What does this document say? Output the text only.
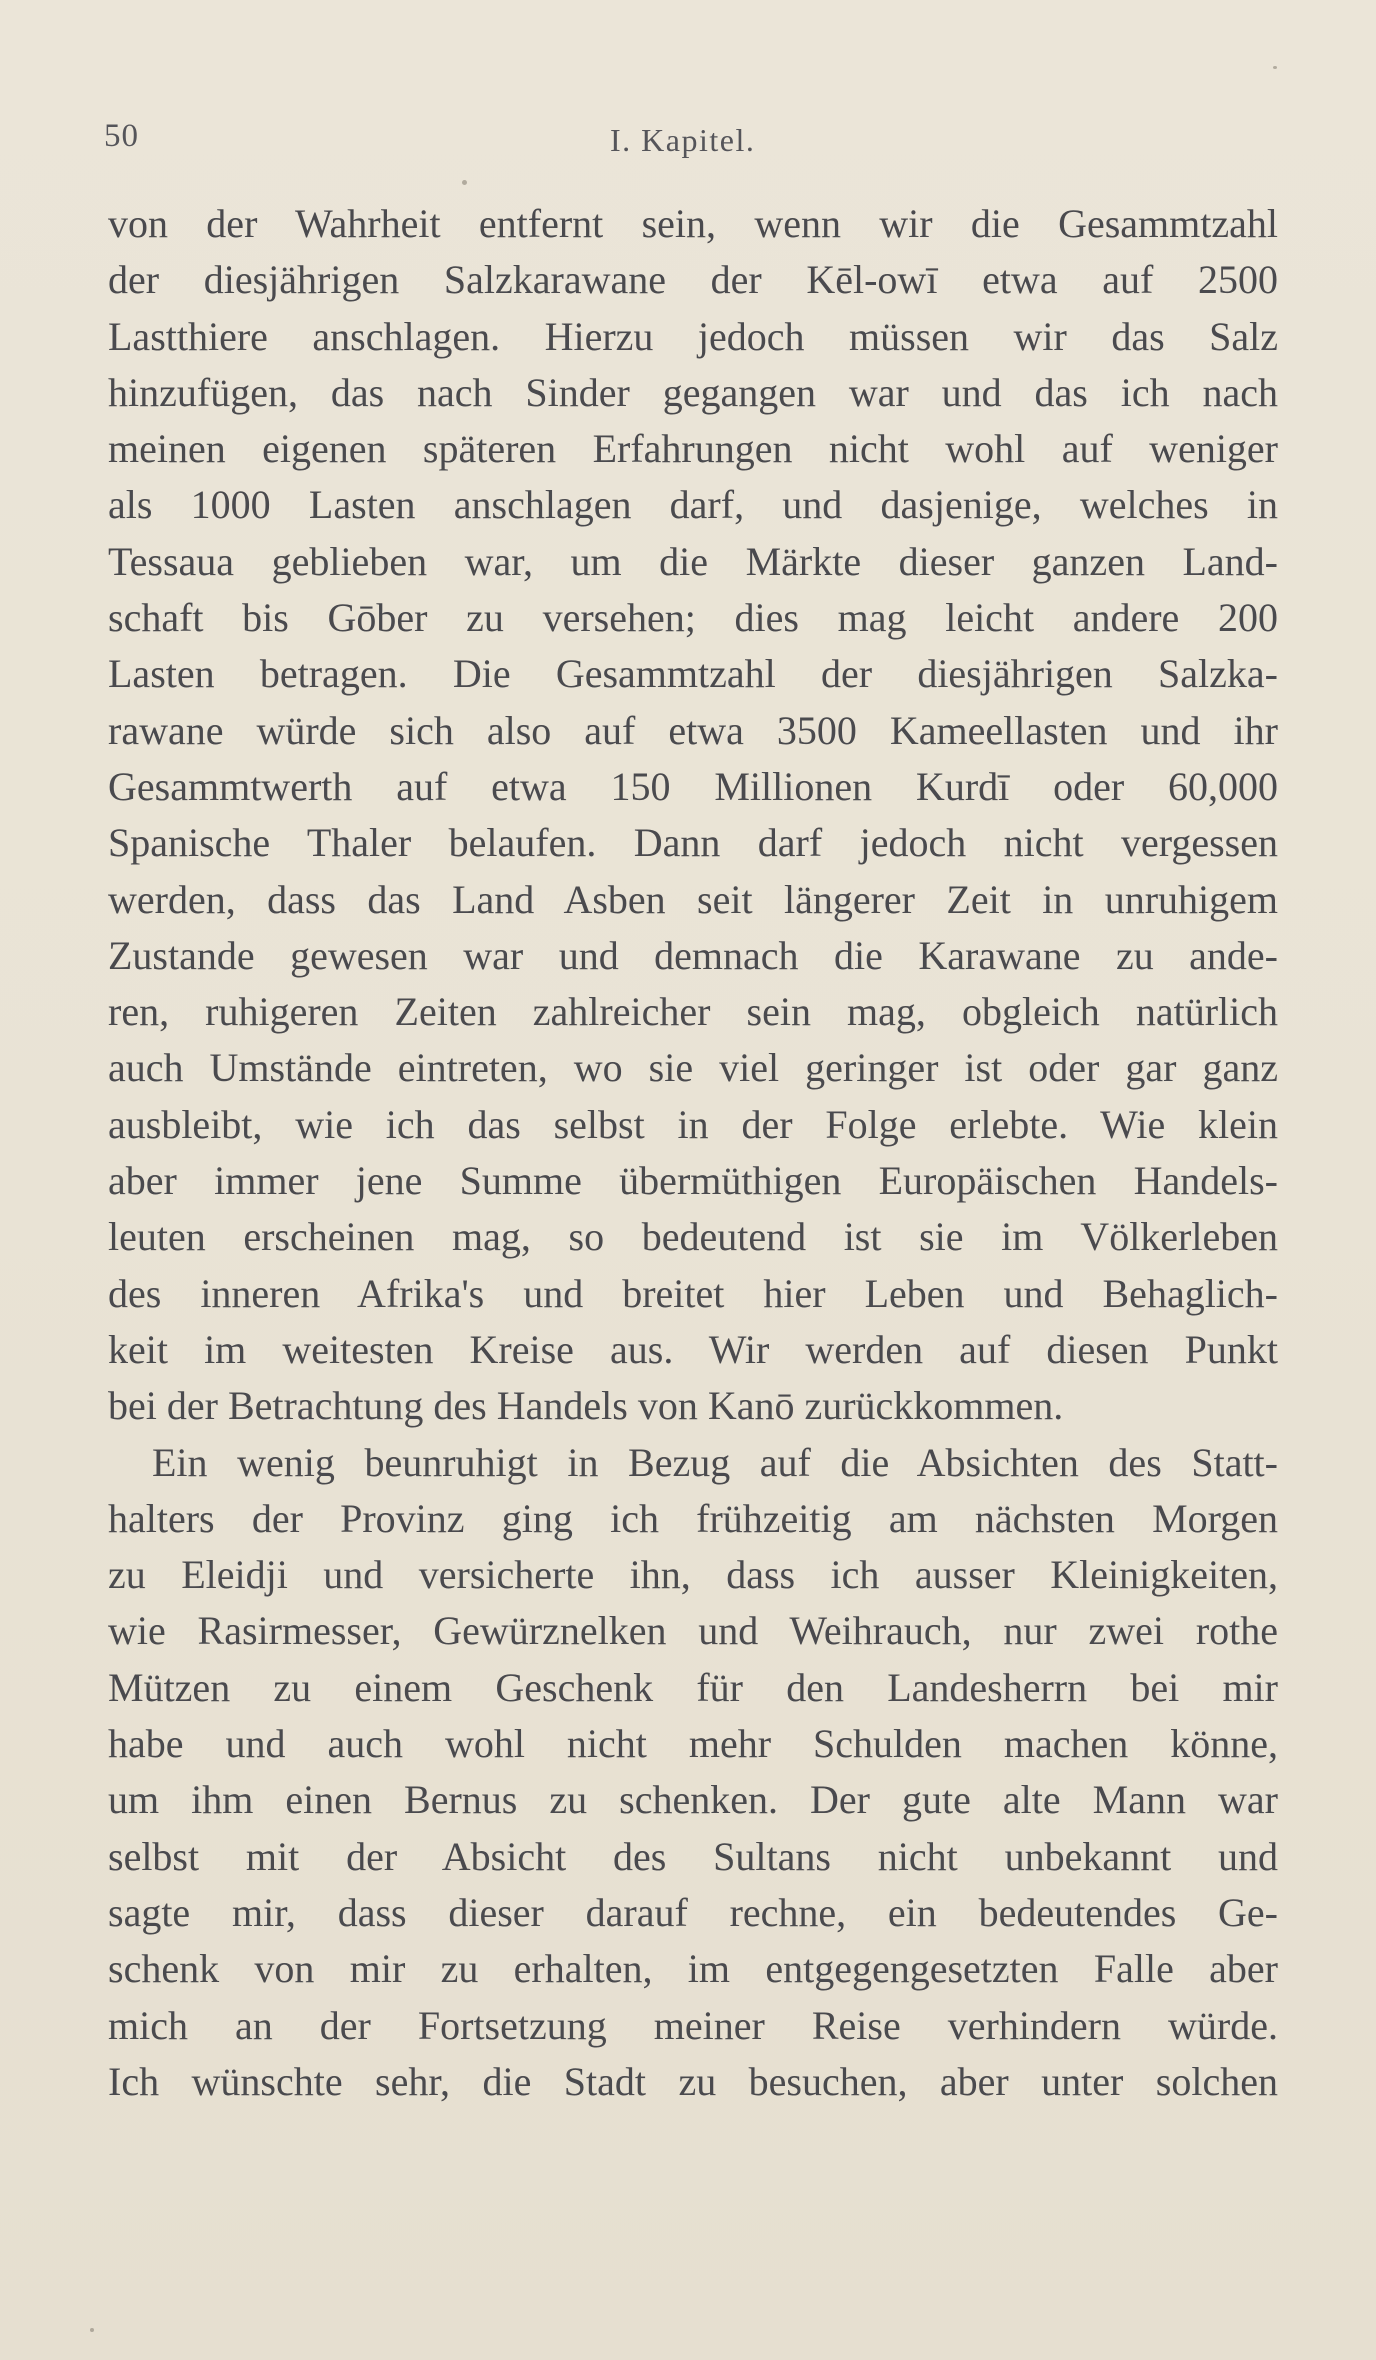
50	I. Kapitel.
von der Wahrheit entfernt sein, wenn wir die Gesammtzahl
der diesjährigen Salzkarawane der Kēl-owī etwa auf 2500
Lastthiere anschlagen. Hierzu jedoch müssen wir das Salz
hinzufügen, das nach Sinder gegangen war und das ich nach
meinen eigenen späteren Erfahrungen nicht wohl auf weniger
als 1000 Lasten anschlagen darf, und dasjenige, welches in
Tessaua geblieben war, um die Märkte dieser ganzen Land-
schaft bis Gōber zu versehen; dies mag leicht andere 200
Lasten betragen. Die Gesammtzahl der diesjährigen Salzka-
rawane würde sich also auf etwa 3500 Kameellasten und ihr
Gesammtwerth auf etwa 150 Millionen Kurdī oder 60,000
Spanische Thaler belaufen. Dann darf jedoch nicht vergessen
werden, dass das Land Asben seit längerer Zeit in unruhigem
Zustande gewesen war und demnach die Karawane zu ande-
ren, ruhigeren Zeiten zahlreicher sein mag, obgleich natürlich
auch Umstände eintreten, wo sie viel geringer ist oder gar ganz
ausbleibt, wie ich das selbst in der Folge erlebte. Wie klein
aber immer jene Summe übermüthigen Europäischen Handels-
leuten erscheinen mag, so bedeutend ist sie im Völkerleben
des inneren Afrika's und breitet hier Leben und Behaglich-
keit im weitesten Kreise aus. Wir werden auf diesen Punkt
bei der Betrachtung des Handels von Kanō zurückkommen.
Ein wenig beunruhigt in Bezug auf die Absichten des Statt-
halters der Provinz ging ich frühzeitig am nächsten Morgen
zu Eleidji und versicherte ihn, dass ich ausser Kleinigkeiten,
wie Rasirmesser, Gewürznelken und Weihrauch, nur zwei rothe
Mützen zu einem Geschenk für den Landesherrn bei mir
habe und auch wohl nicht mehr Schulden machen könne,
um ihm einen Bernus zu schenken. Der gute alte Mann war
selbst mit der Absicht des Sultans nicht unbekannt und
sagte mir, dass dieser darauf rechne, ein bedeutendes Ge-
schenk von mir zu erhalten, im entgegengesetzten Falle aber
mich an der Fortsetzung meiner Reise verhindern würde.
Ich wünschte sehr, die Stadt zu besuchen, aber unter solchen
